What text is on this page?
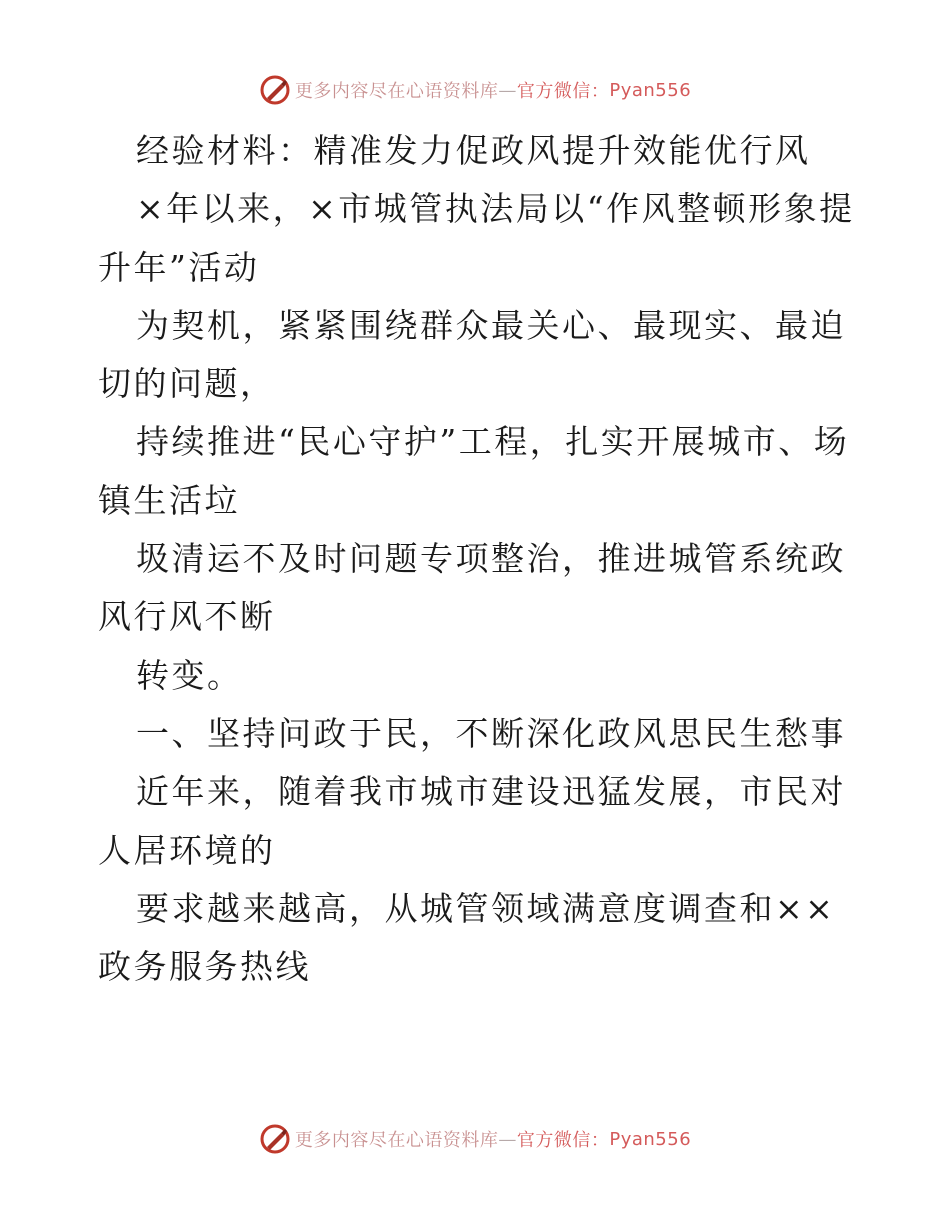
更多内容尽在心语资料库 — 官方微信： Pyan556

经验材料：精准发力促政风提升效能优行风

×年以来，×市城管执法局以“作风整顿形象提升年”活动

为契机，紧紧围绕群众最关心、最现实、最迫切的问题，

持续推进“民心守护”工程，扎实开展城市、场镇生活垃

圾清运不及时问题专项整治，推进城管系统政风行风不断

转变。

一、坚持问政于民，不断深化政风思民生愁事

近年来，随着我市城市建设迅猛发展，市民对人居环境的

要求越来越高，从城管领域满意度调查和××政务服务热线

更多内容尽在心语资料库 — 官方微信： Pyan556
